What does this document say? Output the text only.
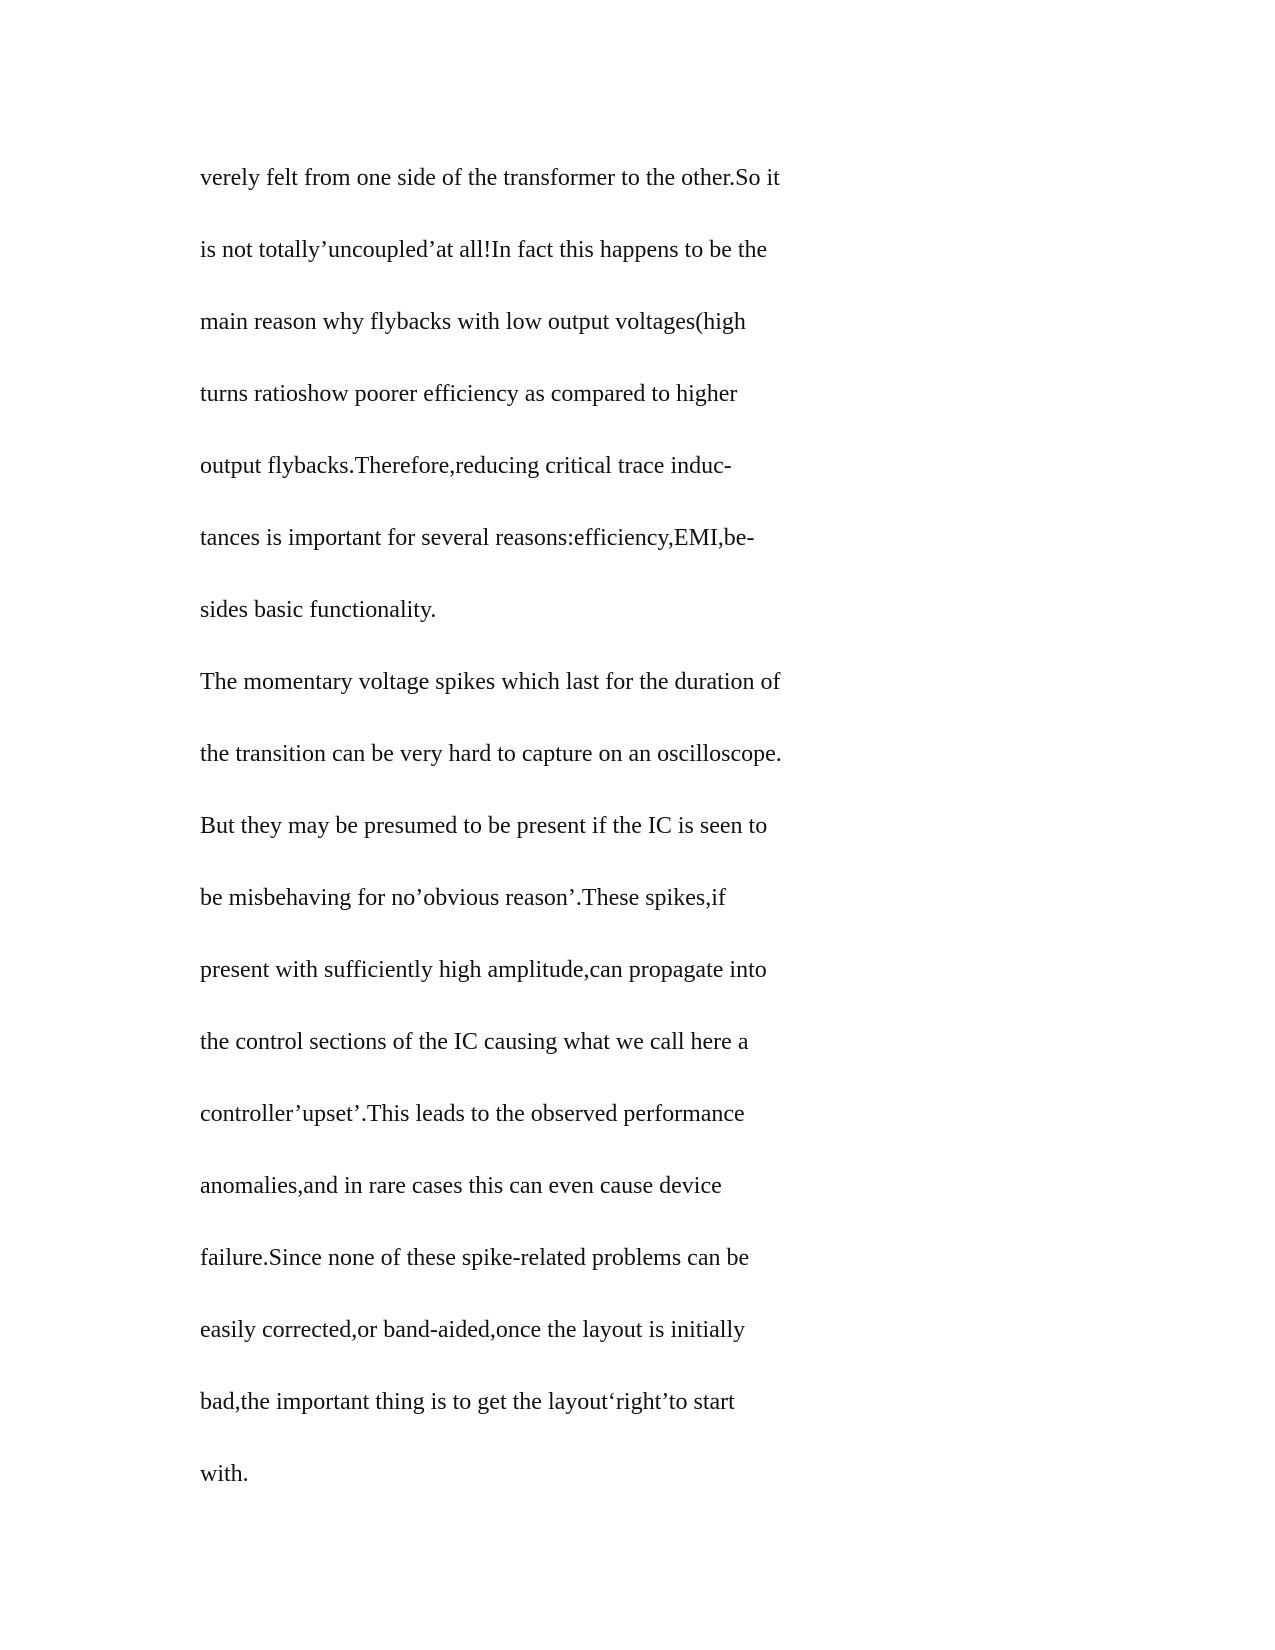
verely felt from one side of the transformer to the other.So it
is not totally’uncoupled’at all!In fact this happens to be the
main reason why flybacks with low output voltages(high
turns ratioshow poorer efficiency as compared to higher
output flybacks.Therefore,reducing critical trace induc-
tances is important for several reasons:efficiency,EMI,be-
sides basic functionality.
The momentary voltage spikes which last for the duration of
the transition can be very hard to capture on an oscilloscope.
But they may be presumed to be present if the IC is seen to
be misbehaving for no’obvious reason’.These spikes,if
present with sufficiently high amplitude,can propagate into
the control sections of the IC causing what we call here a
controller’upset’.This leads to the observed performance
anomalies,and in rare cases this can even cause device
failure.Since none of these spike-related problems can be
easily corrected,or band-aided,once the layout is initially
bad,the important thing is to get the layout‘right’to start
with.
